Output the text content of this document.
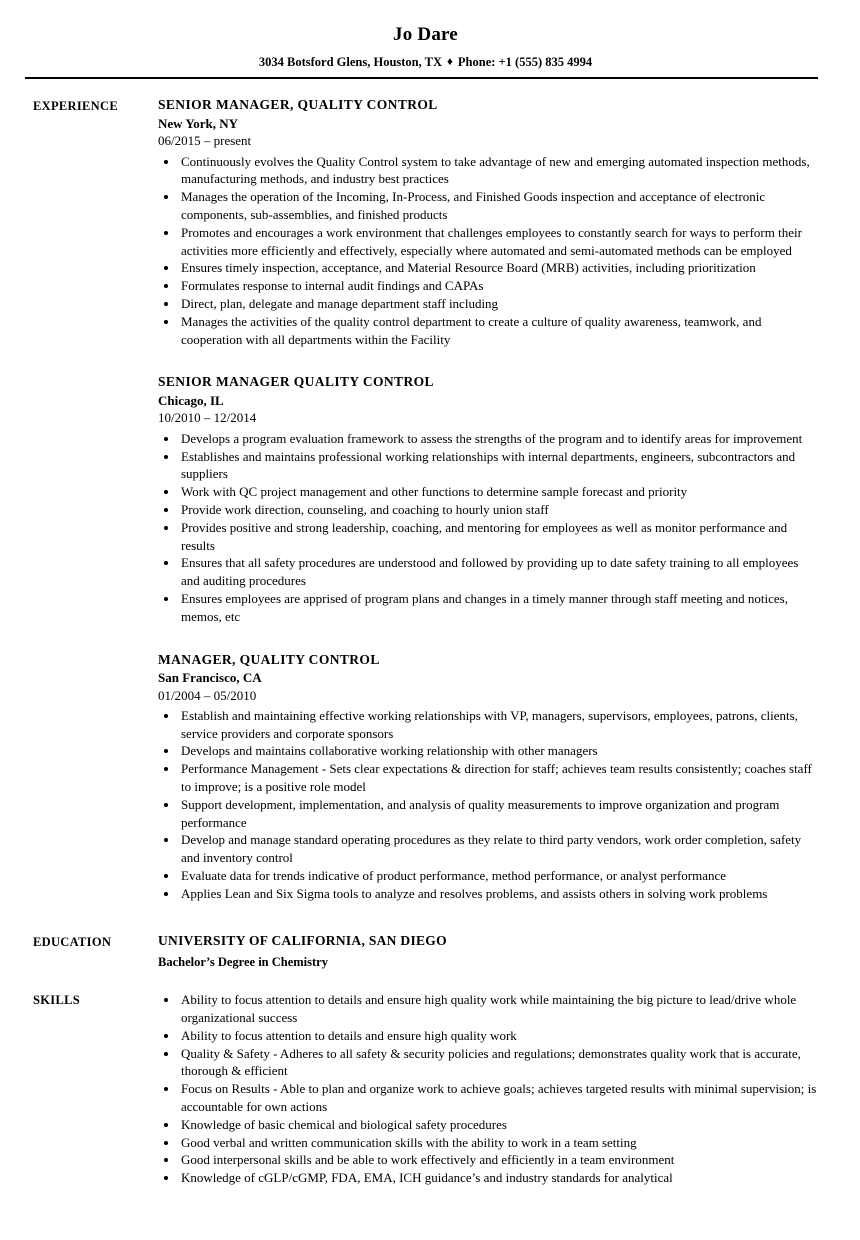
Jo Dare
3034 Botsford Glens, Houston, TX ♦ Phone: +1 (555) 835 4994
EXPERIENCE	SENIOR MANAGER, QUALITY CONTROL
New York, NY
06/2015 – present
• Continuously evolves the Quality Control system to take advantage of new and emerging automated inspection methods, manufacturing methods, and industry best practices
• Manages the operation of the Incoming, In-Process, and Finished Goods inspection and acceptance of electronic components, sub-assemblies, and finished products
• Promotes and encourages a work environment that challenges employees to constantly search for ways to perform their activities more efficiently and effectively, especially where automated and semi-automated methods can be employed
• Ensures timely inspection, acceptance, and Material Resource Board (MRB) activities, including prioritization
• Formulates response to internal audit findings and CAPAs
• Direct, plan, delegate and manage department staff including
• Manages the activities of the quality control department to create a culture of quality awareness, teamwork, and cooperation with all departments within the Facility
SENIOR MANAGER QUALITY CONTROL
Chicago, IL
10/2010 – 12/2014
• Develops a program evaluation framework to assess the strengths of the program and to identify areas for improvement
• Establishes and maintains professional working relationships with internal departments, engineers, subcontractors and suppliers
• Work with QC project management and other functions to determine sample forecast and priority
• Provide work direction, counseling, and coaching to hourly union staff
• Provides positive and strong leadership, coaching, and mentoring for employees as well as monitor performance and results
• Ensures that all safety procedures are understood and followed by providing up to date safety training to all employees and auditing procedures
• Ensures employees are apprised of program plans and changes in a timely manner through staff meeting and notices, memos, etc
MANAGER, QUALITY CONTROL
San Francisco, CA
01/2004 – 05/2010
• Establish and maintaining effective working relationships with VP, managers, supervisors, employees, patrons, clients, service providers and corporate sponsors
• Develops and maintains collaborative working relationship with other managers
• Performance Management - Sets clear expectations & direction for staff; achieves team results consistently; coaches staff to improve; is a positive role model
• Support development, implementation, and analysis of quality measurements to improve organization and program performance
• Develop and manage standard operating procedures as they relate to third party vendors, work order completion, safety and inventory control
• Evaluate data for trends indicative of product performance, method performance, or analyst performance
• Applies Lean and Six Sigma tools to analyze and resolves problems, and assists others in solving work problems
EDUCATION	UNIVERSITY OF CALIFORNIA, SAN DIEGO
Bachelor’s Degree in Chemistry
SKILLS	• Ability to focus attention to details and ensure high quality work while maintaining the big picture to lead/drive whole organizational success
• Ability to focus attention to details and ensure high quality work
• Quality & Safety - Adheres to all safety & security policies and regulations; demonstrates quality work that is accurate, thorough & efficient
• Focus on Results - Able to plan and organize work to achieve goals; achieves targeted results with minimal supervision; is accountable for own actions
• Knowledge of basic chemical and biological safety procedures
• Good verbal and written communication skills with the ability to work in a team setting
• Good interpersonal skills and be able to work effectively and efficiently in a team environment
• Knowledge of cGLP/cGMP, FDA, EMA, ICH guidance’s and industry standards for analytical
